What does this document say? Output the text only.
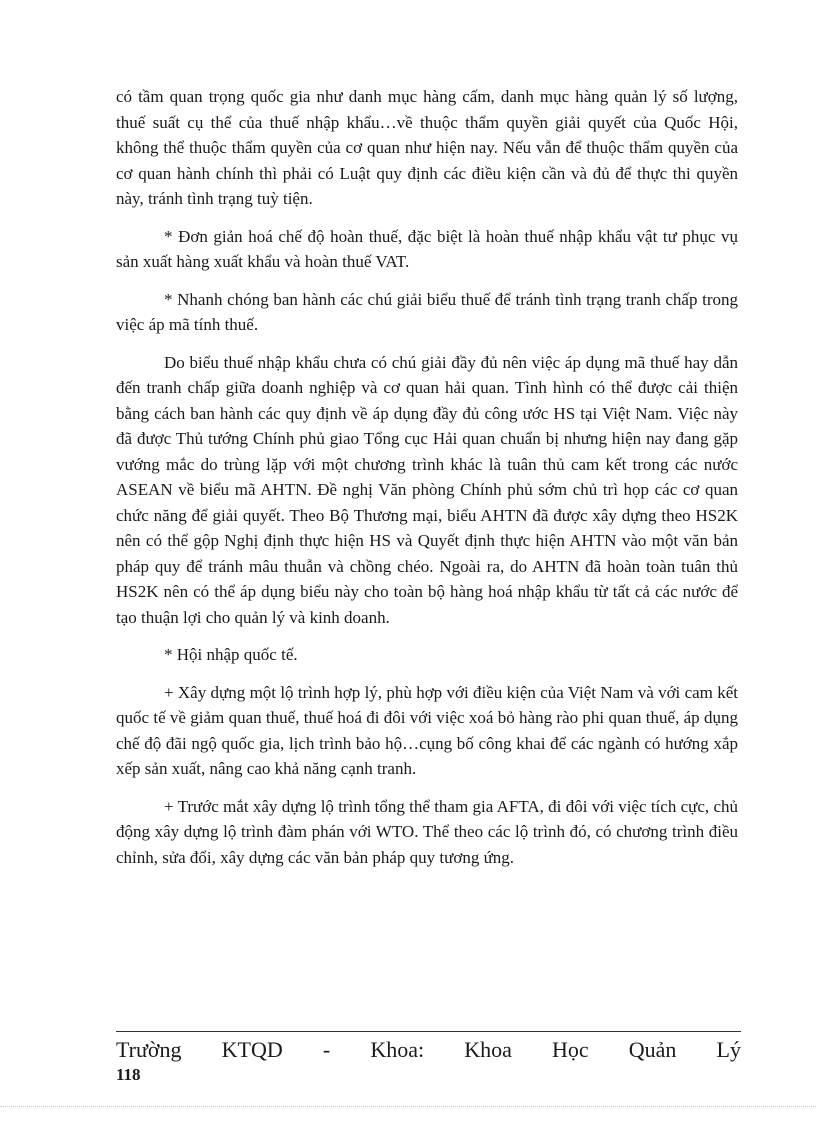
có tầm quan trọng quốc gia như danh mục hàng cấm, danh mục hàng quản lý số lượng, thuế suất cụ thể của thuế nhập khẩu…về thuộc thẩm quyền giải quyết của Quốc Hội, không thể thuộc thẩm quyền của cơ quan như hiện nay. Nếu vẫn để thuộc thẩm quyền của cơ quan hành chính thì phải có Luật quy định các điều kiện cần và đủ để thực thi quyền này, tránh tình trạng tuỳ tiện.

* Đơn giản hoá chế độ hoàn thuế, đặc biệt là hoàn thuế nhập khẩu vật tư phục vụ sản xuất hàng xuất khẩu và hoàn thuế VAT.

* Nhanh chóng ban hành các chú giải biểu thuế để tránh tình trạng tranh chấp trong việc áp mã tính thuế.

Do biểu thuế nhập khẩu chưa có chú giải đầy đủ nên việc áp dụng mã thuế hay dẫn đến tranh chấp giữa doanh nghiệp và cơ quan hải quan. Tình hình có thể được cải thiện bằng cách ban hành các quy định về áp dụng đầy đủ công ước HS tại Việt Nam. Việc này đã được Thủ tướng Chính phủ giao Tổng cục Hải quan chuẩn bị nhưng hiện nay đang gặp vướng mắc do trùng lặp với một chương trình khác là tuân thủ cam kết trong các nước ASEAN về biểu mã AHTN. Đề nghị Văn phòng Chính phủ sớm chủ trì họp các cơ quan chức năng để giải quyết. Theo Bộ Thương mại, biểu AHTN đã được xây dựng theo HS2K nên có thể gộp Nghị định thực hiện HS và Quyết định thực hiện AHTN vào một văn bản pháp quy để tránh mâu thuẫn và chồng chéo. Ngoài ra, do AHTN đã hoàn toàn tuân thủ HS2K nên có thể áp dụng biểu này cho toàn bộ hàng hoá nhập khẩu từ tất cả các nước để tạo thuận lợi cho quản lý và kinh doanh.

* Hội nhập quốc tế.

+ Xây dựng một lộ trình hợp lý, phù hợp với điều kiện của Việt Nam và với cam kết quốc tế về giảm quan thuế, thuế hoá đi đôi với việc xoá bỏ hàng rào phi quan thuế, áp dụng chế độ đãi ngộ quốc gia, lịch trình bảo hộ…cụng bố công khai để các ngành có hướng xắp xếp sản xuất, nâng cao khả năng cạnh tranh.

+ Trước mắt xây dựng lộ trình tổng thể tham gia AFTA, đi đôi với việc tích cực, chủ động xây dựng lộ trình đàm phán với WTO. Thể theo các lộ trình đó, có chương trình điều chỉnh, sửa đổi, xây dựng các văn bản pháp quy tương ứng.

Trường KTQD - Khoa: Khoa Học Quản Lý
118
